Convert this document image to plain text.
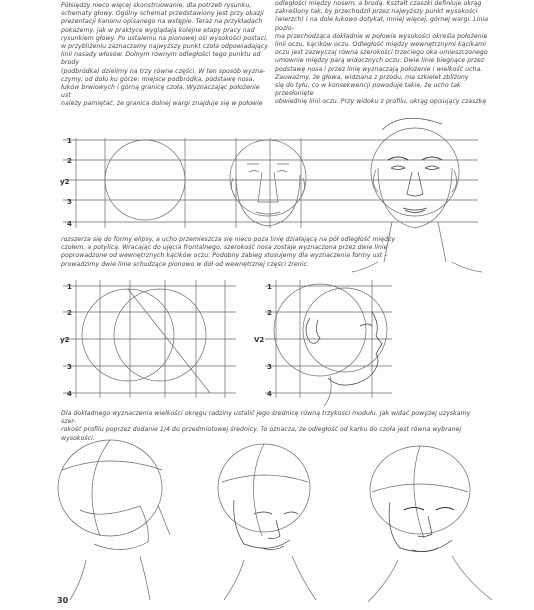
Półsiędzy nieco więcej skonstruowanie, dla potrzeb rysunku,
schematy głowy. Ogólny schemat przedstawiony jest przy okazji
prezentacji kanonu opisanego na wstępie. Teraz na przykładach
pokażemy, jak w praktyce wyglądają kolejne etapy pracy nad
rysunkiem głowy. Po ustaleniu na pionowej osi wysokości postaci,
w przybliżeniu zaznaczamy najwyższy punkt czoła odpowiadający
linii nasady włosów. Dolnym równym odległości tego punktu od brody
(podbródka) dzielimy na trzy równe części. W ten sposób wyzna-
czymy, od dołu ku górze: miejsce podbródka, podstawę nosa,
łuków brwiowych i górną granicę czoła. Wyznaczając położenie ust
należy pamiętać, że granica dolnej wargi znajduje się w połowie
odległości między nosem, a brodą. Kształt czaszki definiuje okrąg
zakreślony tak, by przechodził przez najwyższy punkt wysokości
(wierzch) i na dole łukowo dotykał, mniej więcej, górnej wargi. Linia pozio-
ma przechodząca dokładnie w połowie wysokości określa położenie
linii oczu, kącików oczu. Odległość między wewnętrznymi kącikami
oczu jest zazwyczaj równa szerokości trzeciego oka umieszczonego
umownie między parą widocznych oczu. Dwie linie biegnące przez
podstawę nosa i przez linię wyznaczają położenie i wielkość ucha.
Zauważmy, że głowa, widziana z przodu, ma szkielet zbliżony
się do tyłu, co w konsekwencji powoduje takie, że ucho tak przesłonięte
obwiednię linii oczu. Przy widoku z profilu, okrąg opisujący czaszkę
rozszerza się do formy elipsy, a ucho przemieszcza się nieco poza linię działającą na pół odległość między
czołem, a potylicą. Wracając do ujęcia frontalnego, szerokość nosa zostaje wyznaczona przez dwie linie
poprowadzone od wewnętrznych kącików oczu. Podobny zabieg stosujemy dla wyznaczenia formy ust –
prowadzimy dwie linie schodzące pionowo w dół od wewnętrznej części źrenic.
Dla dokładnego wyznaczenia wielkości okręgu radziny ustalić jego średnicę równą trzykości modułu. Jak widać powyżej uzyskamy szer-
rokość profilu poprzez dodanie 1/4 do przedmiotowej średnicy. To oznacza, że odległość od karku do czoła jest równa wybranej wysokości.
1
2
y2
3
4
1
2
y2
3
4
1
2
3
4
V2
30
